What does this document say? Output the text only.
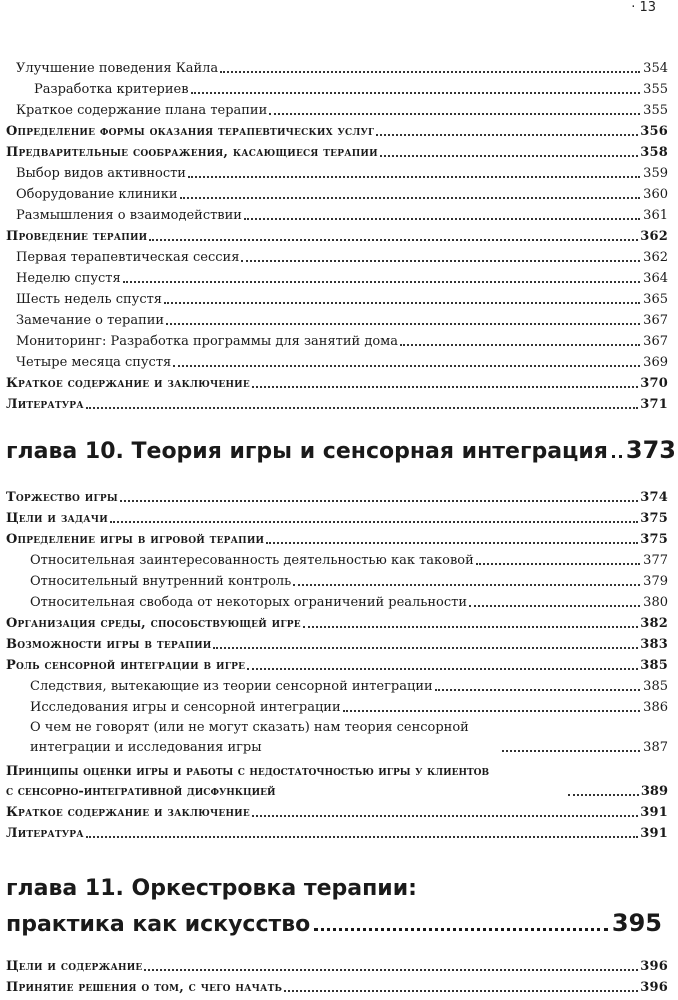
· 13
Улучшение поведения Кайла	354
Разработка критериев	355
Краткое содержание плана терапии	355
Определение формы оказания терапевтических услуг	356
Предварительные соображения, касающиеся терапии	358
Выбор видов активности	359
Оборудование клиники	360
Размышления о взаимодействии	361
Проведение терапии	362
Первая терапевтическая сессия	362
Неделю спустя	364
Шесть недель спустя	365
Замечание о терапии	367
Мониторинг: Разработка программы для занятий дома	367
Четыре месяца спустя	369
Краткое содержание и заключение	370
Литература	371
глава 10. Теория игры и сенсорная интеграция 373
Торжество игры	374
Цели и задачи	375
Определение игры в игровой терапии	375
Относительная заинтересованность деятельностью как таковой	377
Относительный внутренний контроль	379
Относительная свобода от некоторых ограничений реальности	380
Организация среды, способствующей игре	382
Возможности игры в терапии	383
Роль сенсорной интеграции в игре	385
Следствия, вытекающие из теории сенсорной интеграции	385
Исследования игры и сенсорной интеграции	386
О чем не говорят (или не могут сказать) нам теория сенсорной
интеграции и исследования игры	387
Принципы оценки игры и работы с недостаточностью игры у клиентов
с сенсорно-интегративной дисфункцией	389
Краткое содержание и заключение	391
Литература	391
глава 11. Оркестровка терапии:
практика как искусство	395
Цели и содержание	396
Принятие решения о том, с чего начать	396
